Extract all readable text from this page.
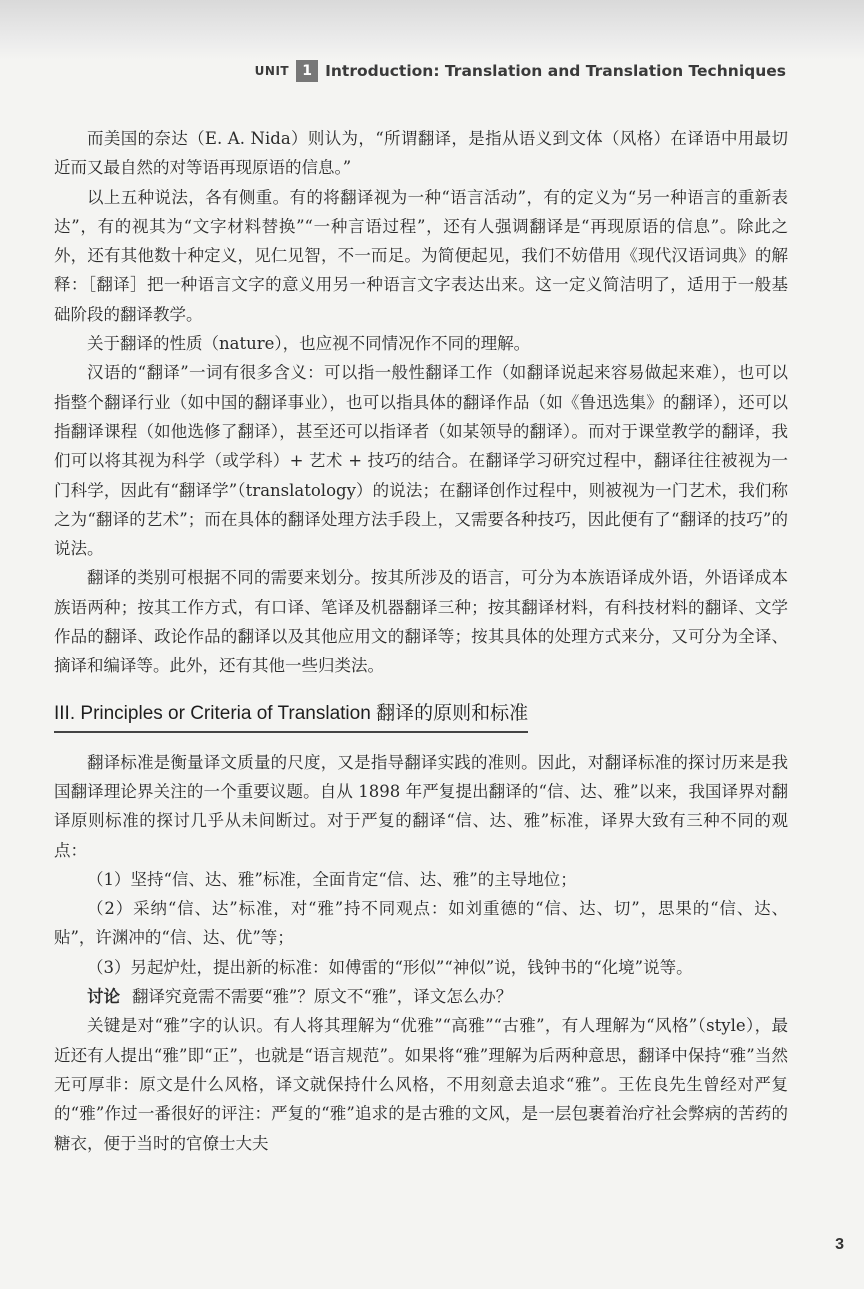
UNIT 1 Introduction: Translation and Translation Techniques

而美国的奈达（E. A. Nida）则认为，“所谓翻译，是指从语义到文体（风格）在译语中用最切近而又最自然的对等语再现原语的信息。”

以上五种说法，各有侧重。有的将翻译视为一种“语言活动”，有的定义为“另一种语言的重新表达”，有的视其为“文字材料替换”“一种言语过程”，还有人强调翻译是“再现原语的信息”。除此之外，还有其他数十种定义，见仁见智，不一而足。为简便起见，我们不妨借用《现代汉语词典》的解释：［翻译］把一种语言文字的意义用另一种语言文字表达出来。这一定义简洁明了，适用于一般基础阶段的翻译教学。

关于翻译的性质（nature），也应视不同情况作不同的理解。

汉语的“翻译”一词有很多含义：可以指一般性翻译工作（如翻译说起来容易做起来难），也可以指整个翻译行业（如中国的翻译事业），也可以指具体的翻译作品（如《鲁迅选集》的翻译），还可以指翻译课程（如他选修了翻译），甚至还可以指译者（如某领导的翻译）。而对于课堂教学的翻译，我们可以将其视为科学（或学科）+ 艺术 + 技巧的结合。在翻译学习研究过程中，翻译往往被视为一门科学，因此有“翻译学”（translatology）的说法；在翻译创作过程中，则被视为一门艺术，我们称之为“翻译的艺术”；而在具体的翻译处理方法手段上，又需要各种技巧，因此便有了“翻译的技巧”的说法。

翻译的类别可根据不同的需要来划分。按其所涉及的语言，可分为本族语译成外语，外语译成本族语两种；按其工作方式，有口译、笔译及机器翻译三种；按其翻译材料，有科技材料的翻译、文学作品的翻译、政论作品的翻译以及其他应用文的翻译等；按其具体的处理方式来分，又可分为全译、摘译和编译等。此外，还有其他一些归类法。

III. Principles or Criteria of Translation 翻译的原则和标准

翻译标准是衡量译文质量的尺度，又是指导翻译实践的准则。因此，对翻译标准的探讨历来是我国翻译理论界关注的一个重要议题。自从 1898 年严复提出翻译的“信、达、雅”以来，我国译界对翻译原则标准的探讨几乎从未间断过。对于严复的翻译“信、达、雅”标准，译界大致有三种不同的观点：

（1）坚持“信、达、雅”标准，全面肯定“信、达、雅”的主导地位；

（2）采纳“信、达”标准，对“雅”持不同观点：如刘重德的“信、达、切”，思果的“信、达、贴”，许渊冲的“信、达、优”等；

（3）另起炉灶，提出新的标准：如傅雷的“形似”“神似”说，钱钟书的“化境”说等。

讨论 翻译究竟需不需要“雅”？原文不“雅”，译文怎么办？

关键是对“雅”字的认识。有人将其理解为“优雅”“高雅”“古雅”，有人理解为“风格”（style），最近还有人提出“雅”即“正”，也就是“语言规范”。如果将“雅”理解为后两种意思，翻译中保持“雅”当然无可厚非：原文是什么风格，译文就保持什么风格，不用刻意去追求“雅”。王佐良先生曾经对严复的“雅”作过一番很好的评注：严复的“雅”追求的是古雅的文风，是一层包裹着治疗社会弊病的苦药的糖衣，便于当时的官僚士大夫

3
